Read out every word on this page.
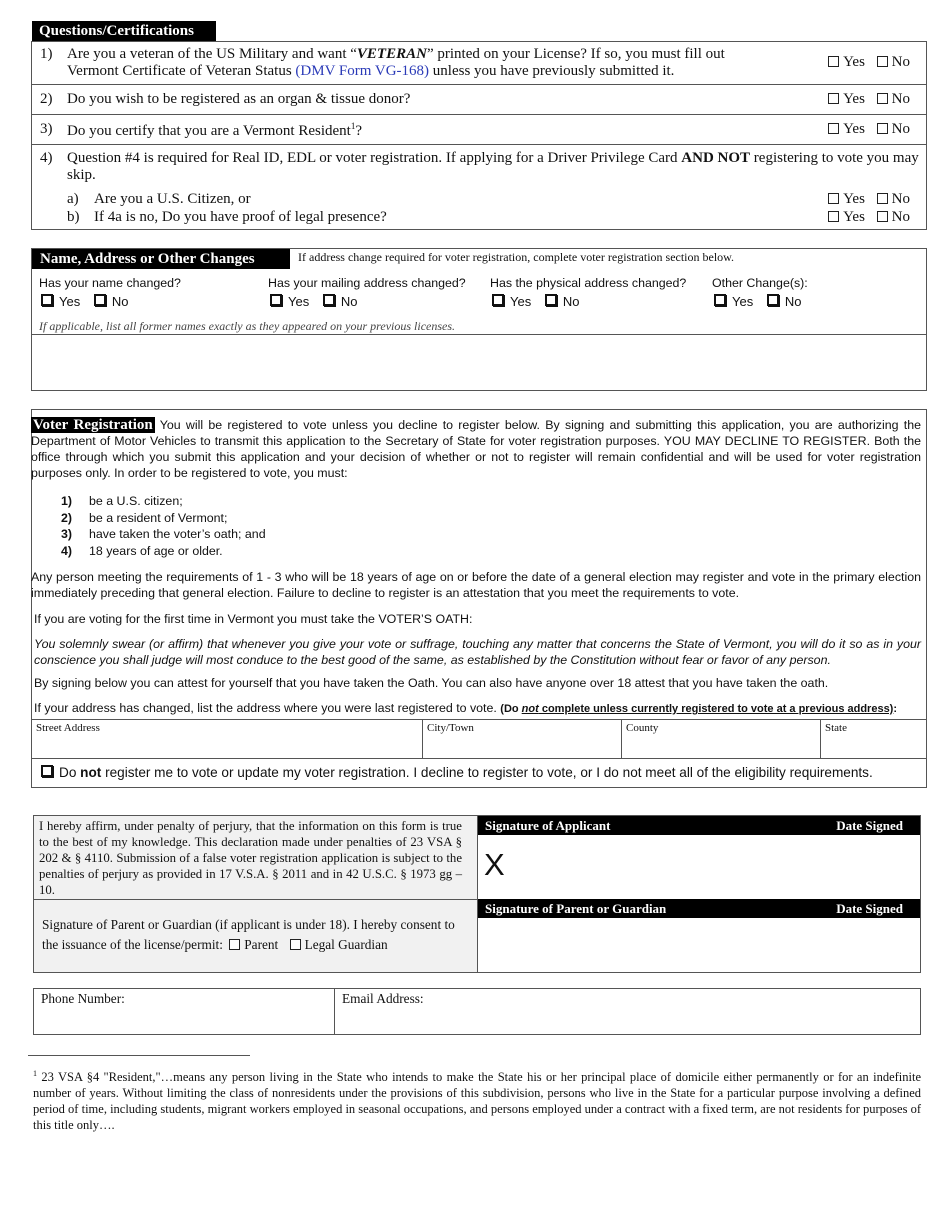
Questions/Certifications
1) Are you a veteran of the US Military and want “VETERAN” printed on your License? If so, you must fill out
Vermont Certificate of Veteran Status (DMV Form VG-168) unless you have previously submitted it.
Yes No
2) Do you wish to be registered as an organ & tissue donor?	Yes No
3) Do you certify that you are a Vermont Resident$^1$?	Yes No
4) Question #4 is required for Real ID, EDL or voter registration. If applying for a Driver Privilege Card AND NOT registering to vote you may skip.
a) Are you a U.S. Citizen, or	Yes No
b) If 4a is no, Do you have proof of legal presence?	Yes No
Name, Address or Other Changes	If address change required for voter registration, complete voter registration section below.
Has your name changed?	Has your mailing address changed? Has the physical address changed? Other Change(s):
Yes No	Yes No	Yes No	Yes No
If applicable, list all former names exactly as they appeared on your previous licenses.
Voter Registration You will be registered to vote unless you decline to register below. By signing and submitting this application, you are authorizing the Department of Motor Vehicles to transmit this application to the Secretary of State for voter registration purposes. YOU MAY DECLINE TO REGISTER. Both the office through which you submit this application and your decision of whether or not to register will remain confidential and will be used for voter registration purposes only. In order to be registered to vote, you must:
1) be a U.S. citizen;
2) be a resident of Vermont;
3) have taken the voter’s oath; and
4) 18 years of age or older.
Any person meeting the requirements of 1 - 3 who will be 18 years of age on or before the date of a general election may register and vote in the primary election immediately preceding that general election. Failure to decline to register is an attestation that you meet the requirements to vote.
If you are voting for the first time in Vermont you must take the VOTER’S OATH:
You solemnly swear (or affirm) that whenever you give your vote or suffrage, touching any matter that concerns the State of Vermont, you will do it so as in your conscience you shall judge will most conduce to the best good of the same, as established by the Constitution without fear or favor of any person.
By signing below you can attest for yourself that you have taken the Oath. You can also have anyone over 18 attest that you have taken the oath.
If your address has changed, list the address where you were last registered to vote. (Do not complete unless currently registered to vote at a previous address):
Street Address	City/Town	County	State
Do not register me to vote or update my voter registration. I decline to register to vote, or I do not meet all of the eligibility requirements.
I hereby affirm, under penalty of perjury, that the information on this form is true to the best of my knowledge. This declaration made under penalties of 23 VSA § 202 & § 4110. Submission of a false voter registration application is subject to the penalties of perjury as provided in 17 V.S.A. § 2011 and in 42 U.S.C. § 1973 gg – 10.
Signature of Applicant	Date Signed
X
Signature of Parent or Guardian (if applicant is under 18). I hereby consent to the issuance of the license/permit: Parent Legal Guardian
Signature of Parent or Guardian	Date Signed
Phone Number:	Email Address:
$^1$ 23 VSA §4 "Resident,"…means any person living in the State who intends to make the State his or her principal place of domicile either permanently or for an indefinite number of years. Without limiting the class of nonresidents under the provisions of this subdivision, persons who live in the State for a particular purpose involving a defined period of time, including students, migrant workers employed in seasonal occupations, and persons employed under a contract with a fixed term, are not residents for purposes of this title only….
